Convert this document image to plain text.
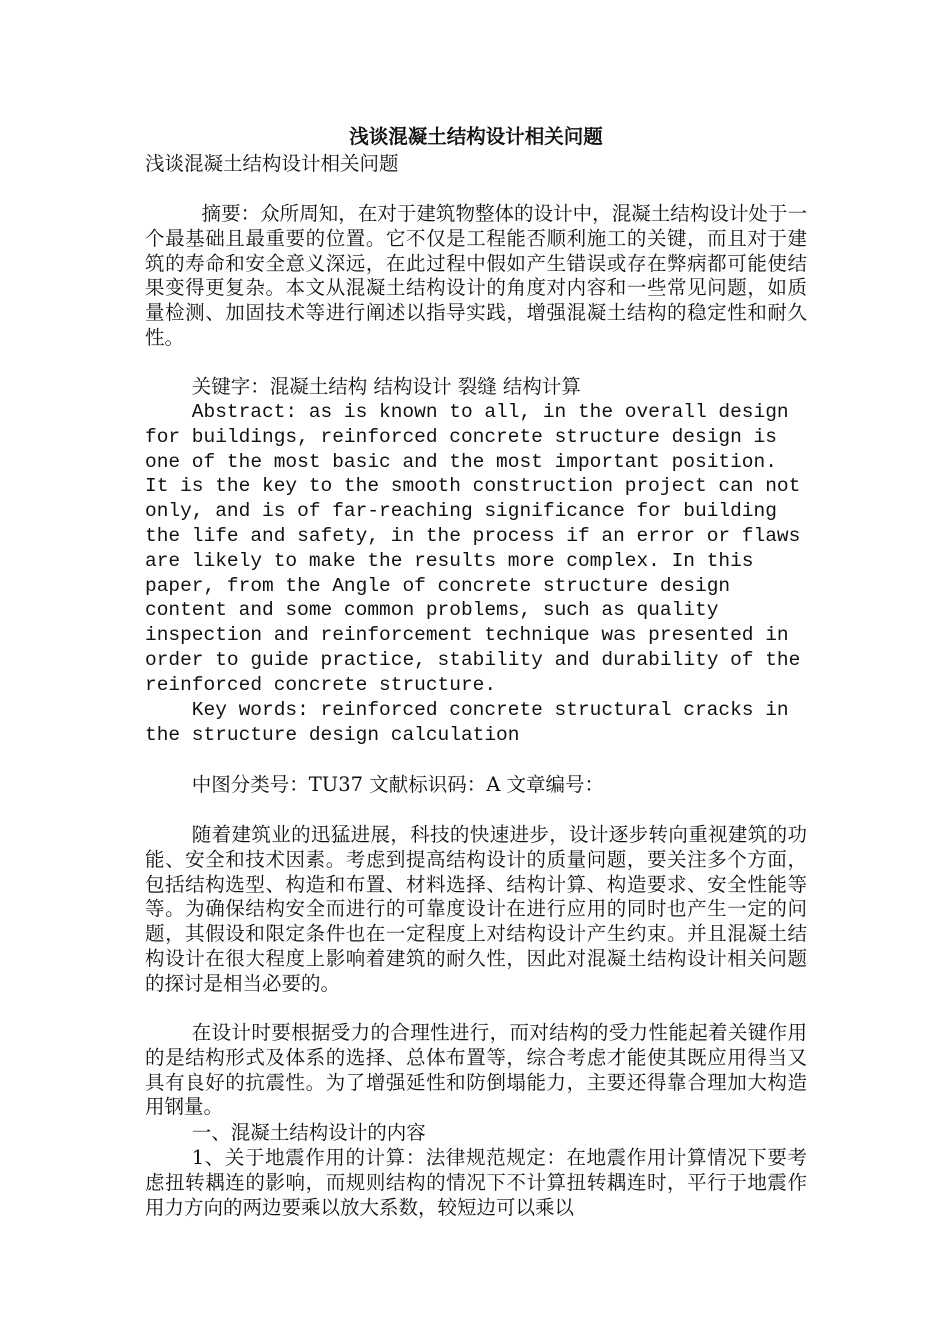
浅谈混凝土结构设计相关问题

浅谈混凝土结构设计相关问题

摘要：众所周知，在对于建筑物整体的设计中，混凝土结构设计处于一个最基础且最重要的位置。它不仅是工程能否顺利施工的关键，而且对于建筑的寿命和安全意义深远，在此过程中假如产生错误或存在弊病都可能使结果变得更复杂。本文从混凝土结构设计的角度对内容和一些常见问题，如质量检测、加固技术等进行阐述以指导实践，增强混凝土结构的稳定性和耐久性。

关键字：混凝土结构 结构设计 裂缝 结构计算

Abstract: as is known to all, in the overall design for buildings, reinforced concrete structure design is one of the most basic and the most important position. It is the key to the smooth construction project can not only, and is of far-reaching significance for building the life and safety, in the process if an error or flaws are likely to make the results more complex. In this paper, from the Angle of concrete structure design content and some common problems, such as quality inspection and reinforcement technique was presented in order to guide practice, stability and durability of the reinforced concrete structure.

Key words: reinforced concrete structural cracks in the structure design calculation

中图分类号：TU37 文献标识码：A 文章编号：

随着建筑业的迅猛进展，科技的快速进步，设计逐步转向重视建筑的功能、安全和技术因素。考虑到提高结构设计的质量问题，要关注多个方面，包括结构选型、构造和布置、材料选择、结构计算、构造要求、安全性能等等。为确保结构安全而进行的可靠度设计在进行应用的同时也产生一定的问题，其假设和限定条件也在一定程度上对结构设计产生约束。并且混凝土结构设计在很大程度上影响着建筑的耐久性，因此对混凝土结构设计相关问题的探讨是相当必要的。

在设计时要根据受力的合理性进行，而对结构的受力性能起着关键作用的是结构形式及体系的选择、总体布置等，综合考虑才能使其既应用得当又具有良好的抗震性。为了增强延性和防倒塌能力，主要还得靠合理加大构造用钢量。

一、混凝土结构设计的内容

1、关于地震作用的计算：法律规范规定：在地震作用计算情况下要考虑扭转耦连的影响，而规则结构的情况下不计算扭转耦连时，平行于地震作用力方向的两边要乘以放大系数，较短边可以乘以
